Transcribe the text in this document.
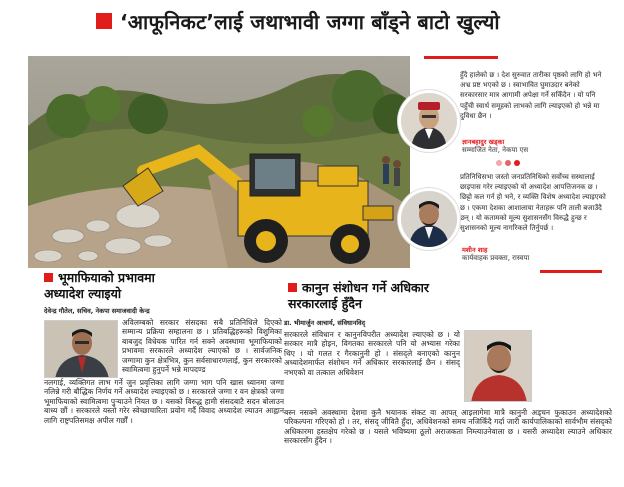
‘आफूनिकट’लाई जथाभावी जग्गा बाँड्ने बाटो खुल्यो
हुँदै हालेको छ । देश सुरुवात तारीका पृष्ठको लागि हो भने अभ्र प्रष्ट भएको छ । स्वाभावित घुमाउदार बनेको सरकारसार मात्र आगामी अपेक्षा गर्ने सकिँदैन । यो पनि पहुँची स्वार्थ समूहको लाभको लागि ल्याइएको हो भन्ने मा दुविधा छैन ।
ज्ञानबहादुर खड्का
सम्माजित नेता, नेकपा एस
प्रतिनिधिसभा जस्तो जनप्रतिनिधिको सर्वोच्च सस्थालाई छाइपास गरेर ल्याइएको यो अध्यादेश आपत्तिजनक छ । छिट्टो कल गर्न हो भने, र व्यक्ति विशेष अध्यादेश ल्याइएको छ । एकमा देशका आशालाया नेताहरू पनि ताली बजाउँदै छन् । यो कतामको मूल्य सुशासनसँग विरुद्धै हुन्छ र सुशासनको मूल्य नागरिकले तिर्नुपर्छ ।
मशीन शाह
कार्यवाहक प्रवक्ता, रास्वपा
भूमाफियाको प्रभावमा
अध्यादेश ल्याइयो
देवेन्द्र गौतेल, सचिव, नेकपा समाजवादी केन्द्र
अविलम्बको सरकार संसदका सबै प्रतिनिधिले दिएको सम्मान्य प्रक्रिया सम्हालना छ । प्रतिबद्धिहरूको विशुमिका बाबजुद विधेयक पारित गर्न सक्ने अवस्थामा भूमाफियाको प्रभावमा सरकारले अध्यादेश ल्याएको छ । सार्वजनिक जग्गामा कुन क्षेत्रभित्र, कुन सर्वसाधारणलाई, कुन सरकारको स्वामित्वमा हुनुपर्ने भन्ने मापदण्ड
नलगाई, व्यक्तिगत लाभ गर्ने जुन प्रवृत्तिका लागि जग्गा भाग पनि खास ध्यानमा जग्गा नलिन्ने गरी बौद्धिक निर्णय गर्ने अध्यादेश ल्याइएको छ । सरकारले जग्गा र वन क्षेत्रको जग्गा भूमाफियाको स्वामित्वमा पुऱ्याउने नियत छ । यसको विरुद्ध हामी संसदबाटै सदन बोलाउन बाध्य छौं । सरकारले यस्तो गरेर स्वेच्छाचारिता प्रयोग गर्दै विवाद अध्यादेश ल्याउन आह्वान लागि राष्ट्रपतिसमक्ष अपील गर्छौं ।
कानुन संशोधन गर्ने अधिकार
सरकारलाई हुँदैन
डा. भीमार्जुन आचार्य, संविधानविद्
सरकारले संविधान र कानुनविपरीत अध्यादेश ल्याएको छ । यो सरकार मात्रै होइन, विगतका सरकारले पनि यो अभ्यास गरेका थिए । यो गलत र गैरकानुनी हो । संसद्ले बनाएको कानुन अध्यादेशमार्फत संशोधन गर्ने अधिकार सरकारलाई छैन । संसद् नभएको वा तत्काल अधिवेशन
बस्न नसक्ने अवस्थामा देशमा कुनै भयानक संकट वा आपत् आइलागेमा मात्रै कानुनी अड्चन फुकाउन अध्यादेशको परिकल्पना गरिएको हो । तर, संसद् जीवितै हुँदा, अधिवेशनको समय नजिकिँदै गर्दा जारी कार्यपालिकाको सार्वभौम संसद्को अधिकारमा हस्तक्षेप गरेको छ । यसले भविष्यमा ठूलो अराजकता निम्त्याउनेवाला छ । यसरी अध्यादेश ल्याउने अधिकार सरकारसँग हुँदैन ।
